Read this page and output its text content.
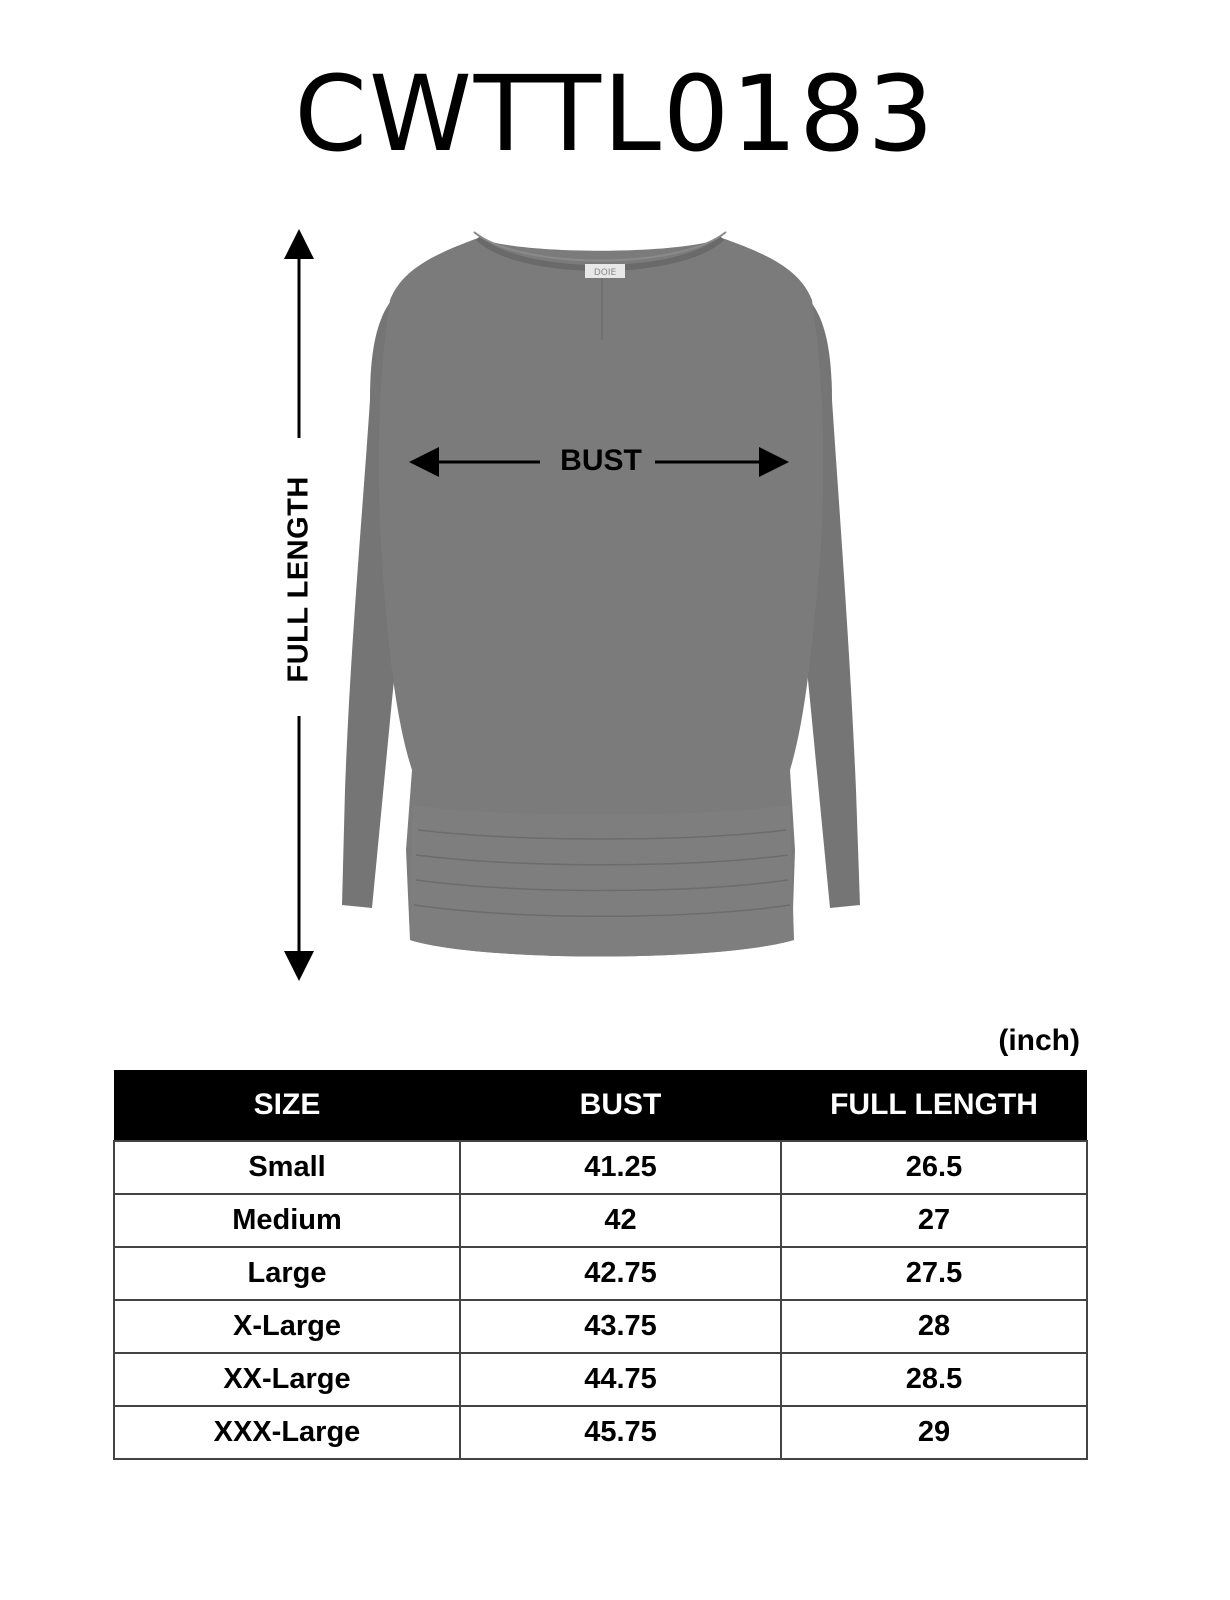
CWTTL0183
DOIE
BUST
FULL LENGTH
(inch)
SIZE	BUST	FULL LENGTH
Small	41.25	26.5
Medium	42	27
Large	42.75	27.5
X-Large	43.75	28
XX-Large	44.75	28.5
XXX-Large	45.75	29
